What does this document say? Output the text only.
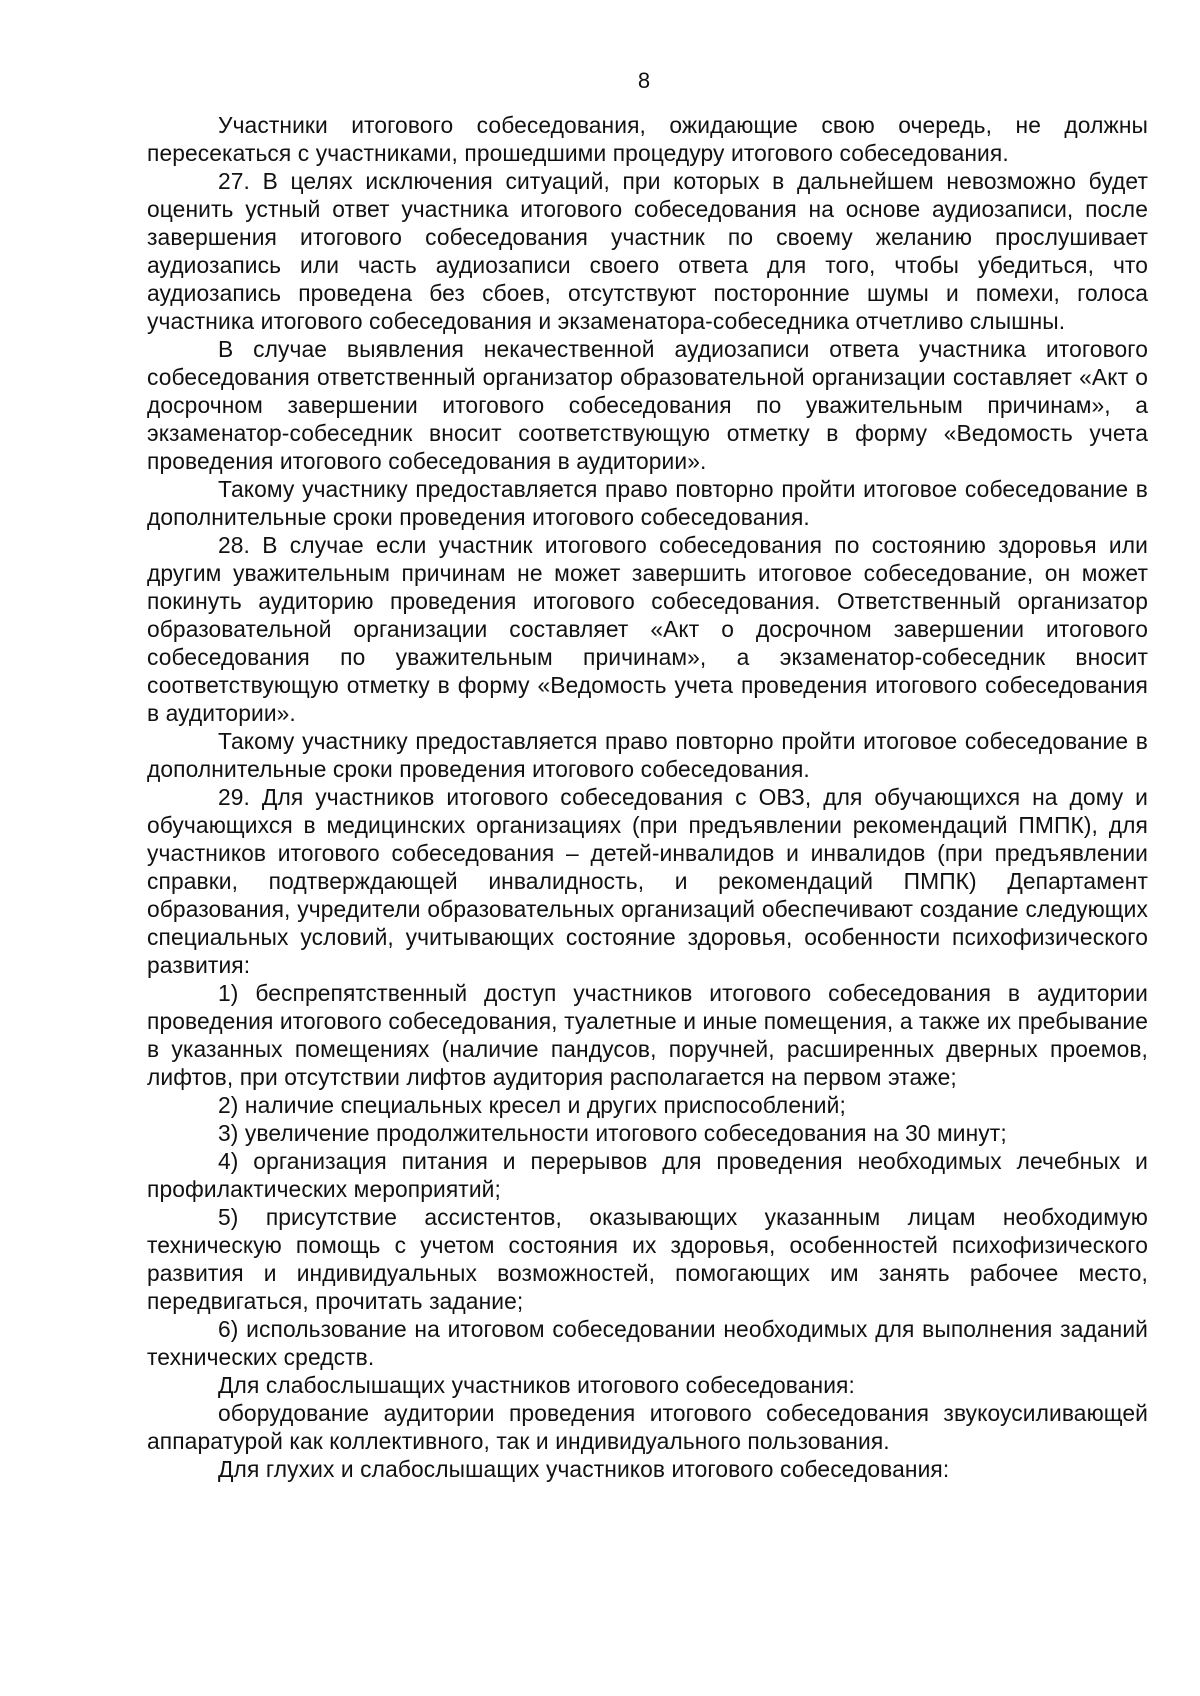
8

Участники итогового собеседования, ожидающие свою очередь, не должны пересекаться с участниками, прошедшими процедуру итогового собеседования.

27. В целях исключения ситуаций, при которых в дальнейшем невозможно будет оценить устный ответ участника итогового собеседования на основе аудиозаписи, после завершения итогового собеседования участник по своему желанию прослушивает аудиозапись или часть аудиозаписи своего ответа для того, чтобы убедиться, что аудиозапись проведена без сбоев, отсутствуют посторонние шумы и помехи, голоса участника итогового собеседования и экзаменатора-собеседника отчетливо слышны.

В случае выявления некачественной аудиозаписи ответа участника итогового собеседования ответственный организатор образовательной организации составляет «Акт о досрочном завершении итогового собеседования по уважительным причинам», а экзаменатор-собеседник вносит соответствующую отметку в форму «Ведомость учета проведения итогового собеседования в аудитории».

Такому участнику предоставляется право повторно пройти итоговое собеседование в дополнительные сроки проведения итогового собеседования.

28. В случае если участник итогового собеседования по состоянию здоровья или другим уважительным причинам не может завершить итоговое собеседование, он может покинуть аудиторию проведения итогового собеседования. Ответственный организатор образовательной организации составляет «Акт о досрочном завершении итогового собеседования по уважительным причинам», а экзаменатор-собеседник вносит соответствующую отметку в форму «Ведомость учета проведения итогового собеседования в аудитории».

Такому участнику предоставляется право повторно пройти итоговое собеседование в дополнительные сроки проведения итогового собеседования.

29. Для участников итогового собеседования с ОВЗ, для обучающихся на дому и обучающихся в медицинских организациях (при предъявлении рекомендаций ПМПК), для участников итогового собеседования – детей-инвалидов и инвалидов (при предъявлении справки, подтверждающей инвалидность, и рекомендаций ПМПК) Департамент образования, учредители образовательных организаций обеспечивают создание следующих специальных условий, учитывающих состояние здоровья, особенности психофизического развития:

1) беспрепятственный доступ участников итогового собеседования в аудитории проведения итогового собеседования, туалетные и иные помещения, а также их пребывание в указанных помещениях (наличие пандусов, поручней, расширенных дверных проемов, лифтов, при отсутствии лифтов аудитория располагается на первом этаже;

2) наличие специальных кресел и других приспособлений;

3) увеличение продолжительности итогового собеседования на 30 минут;

4) организация питания и перерывов для проведения необходимых лечебных и профилактических мероприятий;

5) присутствие ассистентов, оказывающих указанным лицам необходимую техническую помощь с учетом состояния их здоровья, особенностей психофизического развития и индивидуальных возможностей, помогающих им занять рабочее место, передвигаться, прочитать задание;

6) использование на итоговом собеседовании необходимых для выполнения заданий технических средств.

Для слабослышащих участников итогового собеседования:

оборудование аудитории проведения итогового собеседования звукоусиливающей аппаратурой как коллективного, так и индивидуального пользования.

Для глухих и слабослышащих участников итогового собеседования:
